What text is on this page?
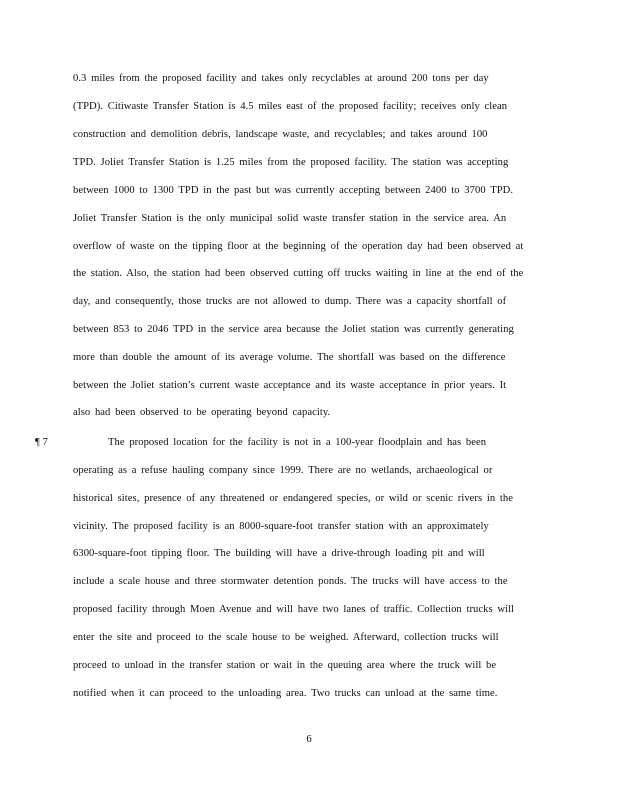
0.3 miles from the proposed facility and takes only recyclables at around 200 tons per day
(TPD). Citiwaste Transfer Station is 4.5 miles east of the proposed facility; receives only clean
construction and demolition debris, landscape waste, and recyclables; and takes around 100
TPD. Joliet Transfer Station is 1.25 miles from the proposed facility. The station was accepting
between 1000 to 1300 TPD in the past but was currently accepting between 2400 to 3700 TPD.
Joliet Transfer Station is the only municipal solid waste transfer station in the service area. An
overflow of waste on the tipping floor at the beginning of the operation day had been observed at
the station. Also, the station had been observed cutting off trucks waiting in line at the end of the
day, and consequently, those trucks are not allowed to dump. There was a capacity shortfall of
between 853 to 2046 TPD in the service area because the Joliet station was currently generating
more than double the amount of its average volume. The shortfall was based on the difference
between the Joliet station’s current waste acceptance and its waste acceptance in prior years. It
also had been observed to be operating beyond capacity.
¶ 7	The proposed location for the facility is not in a 100-year floodplain and has been
operating as a refuse hauling company since 1999. There are no wetlands, archaeological or
historical sites, presence of any threatened or endangered species, or wild or scenic rivers in the
vicinity. The proposed facility is an 8000-square-foot transfer station with an approximately
6300-square-foot tipping floor. The building will have a drive-through loading pit and will
include a scale house and three stormwater detention ponds. The trucks will have access to the
proposed facility through Moen Avenue and will have two lanes of traffic. Collection trucks will
enter the site and proceed to the scale house to be weighed. Afterward, collection trucks will
proceed to unload in the transfer station or wait in the queuing area where the truck will be
notified when it can proceed to the unloading area. Two trucks can unload at the same time.
6
